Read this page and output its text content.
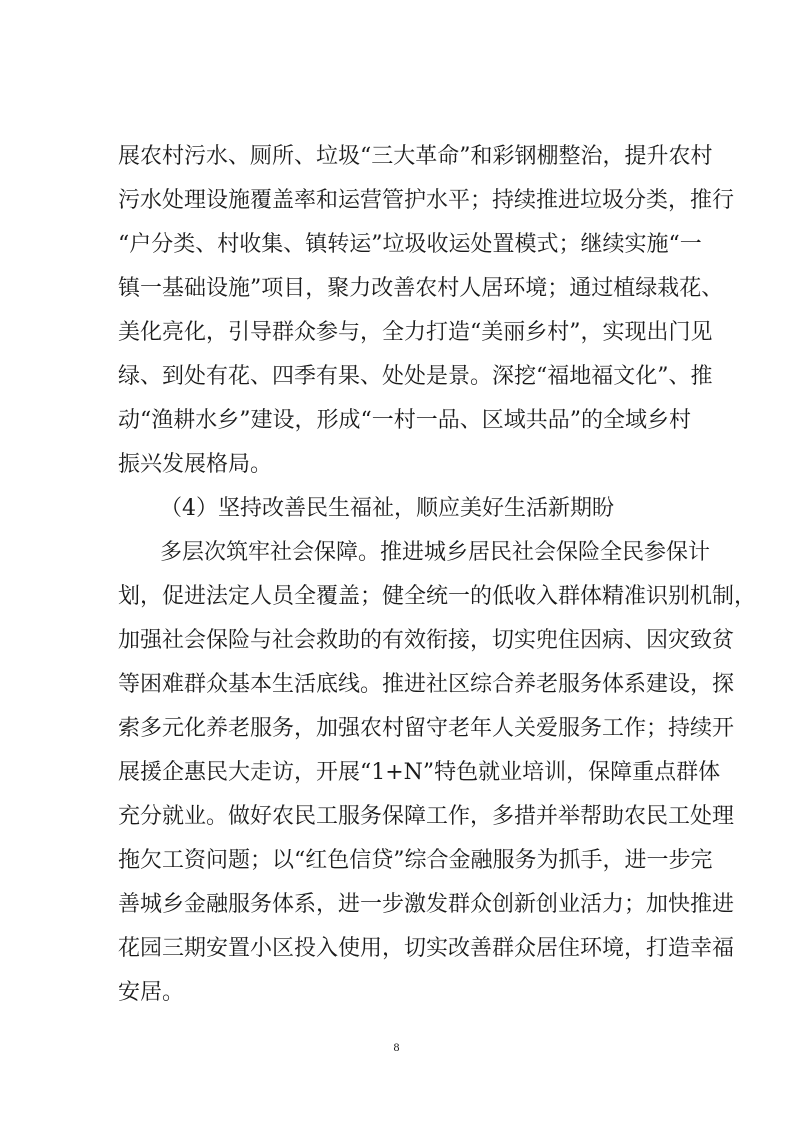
展农村污水、厕所、垃圾“三大革命”和彩钢棚整治，提升农村
污水处理设施覆盖率和运营管护水平；持续推进垃圾分类，推行
“户分类、村收集、镇转运”垃圾收运处置模式；继续实施“一
镇一基础设施”项目，聚力改善农村人居环境；通过植绿栽花、
美化亮化，引导群众参与，全力打造“美丽乡村”，实现出门见
绿、到处有花、四季有果、处处是景。深挖“福地福文化”、推
动“渔耕水乡”建设，形成“一村一品、区域共品”的全域乡村
振兴发展格局。
（4）坚持改善民生福祉，顺应美好生活新期盼
多层次筑牢社会保障。推进城乡居民社会保险全民参保计
划，促进法定人员全覆盖；健全统一的低收入群体精准识别机制，
加强社会保险与社会救助的有效衔接，切实兜住因病、因灾致贫
等困难群众基本生活底线。推进社区综合养老服务体系建设，探
索多元化养老服务，加强农村留守老年人关爱服务工作；持续开
展援企惠民大走访，开展“1+N”特色就业培训，保障重点群体
充分就业。做好农民工服务保障工作，多措并举帮助农民工处理
拖欠工资问题；以“红色信贷”综合金融服务为抓手，进一步完
善城乡金融服务体系，进一步激发群众创新创业活力；加快推进
花园三期安置小区投入使用，切实改善群众居住环境，打造幸福
安居。
8
